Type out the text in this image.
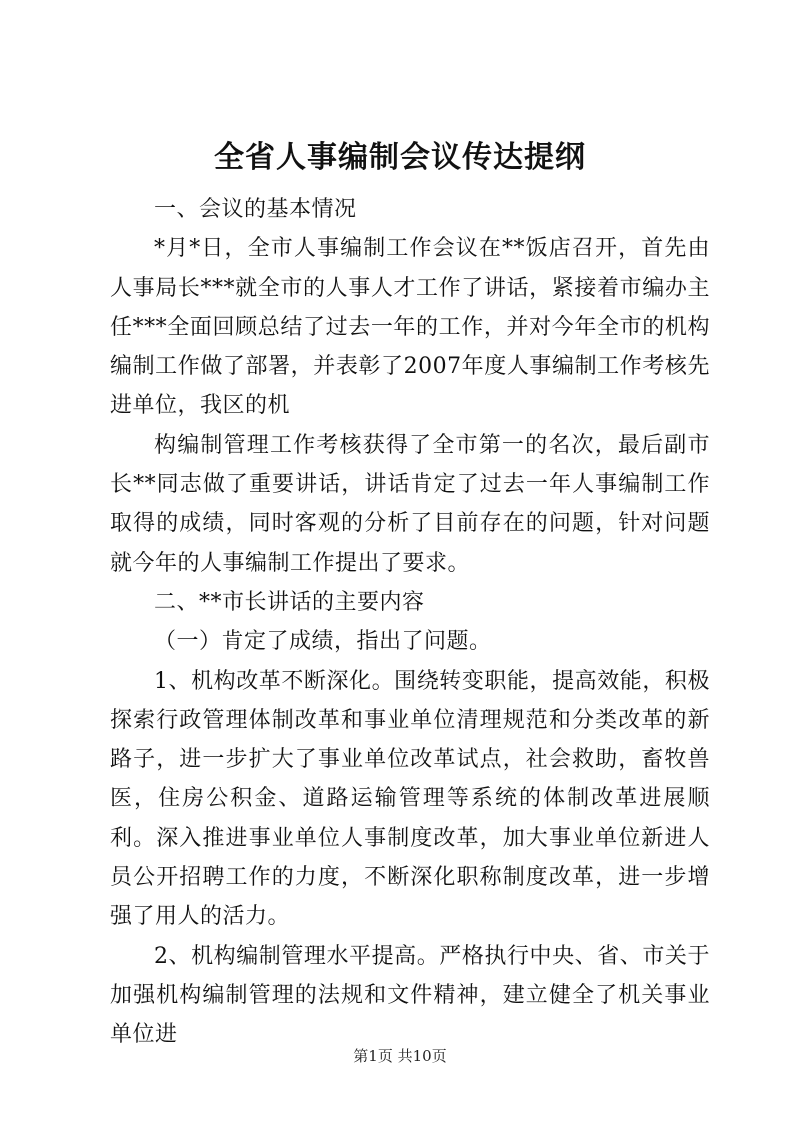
全省人事编制会议传达提纲

一、会议的基本情况

*月*日，全市人事编制工作会议在**饭店召开，首先由人事局长***就全市的人事人才工作了讲话，紧接着市编办主任***全面回顾总结了过去一年的工作，并对今年全市的机构编制工作做了部署，并表彰了2007年度人事编制工作考核先进单位，我区的机

构编制管理工作考核获得了全市第一的名次，最后副市长**同志做了重要讲话，讲话肯定了过去一年人事编制工作取得的成绩，同时客观的分析了目前存在的问题，针对问题就今年的人事编制工作提出了要求。

二、**市长讲话的主要内容

（一）肯定了成绩，指出了问题。

1、机构改革不断深化。围绕转变职能，提高效能，积极探索行政管理体制改革和事业单位清理规范和分类改革的新路子，进一步扩大了事业单位改革试点，社会救助，畜牧兽医，住房公积金、道路运输管理等系统的体制改革进展顺利。深入推进事业单位人事制度改革，加大事业单位新进人员公开招聘工作的力度，不断深化职称制度改革，进一步增强了用人的活力。

2、机构编制管理水平提高。严格执行中央、省、市关于加强机构编制管理的法规和文件精神，建立健全了机关事业单位进

第1页 共10页
